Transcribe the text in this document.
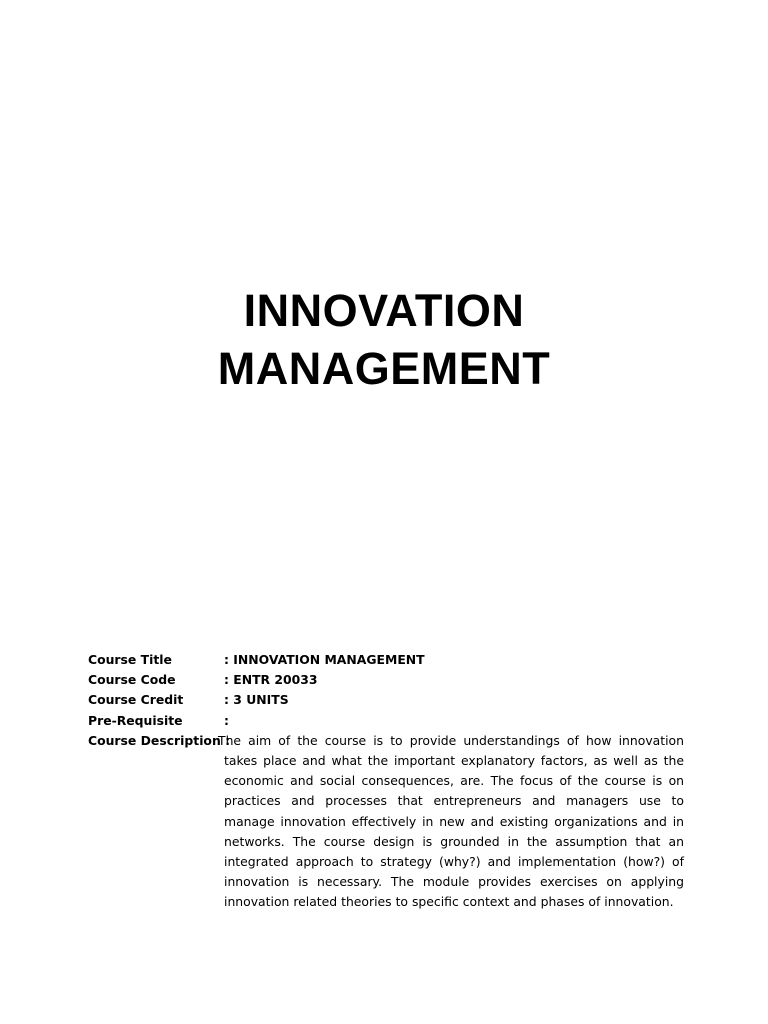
INNOVATION
MANAGEMENT
Course Title	: INNOVATION MANAGEMENT
Course Code	: ENTR 20033
Course Credit	: 3 UNITS
Pre-Requisite	:
Course Description :

The aim of the course is to provide understandings of how innovation takes place and what the important explanatory factors, as well as the economic and social consequences, are. The focus of the course is on practices and processes that entrepreneurs and managers use to manage innovation effectively in new and existing organizations and in networks. The course design is grounded in the assumption that an integrated approach to strategy (why?) and implementation (how?) of innovation is necessary. The module provides exercises on applying innovation related theories to specific context and phases of innovation.
